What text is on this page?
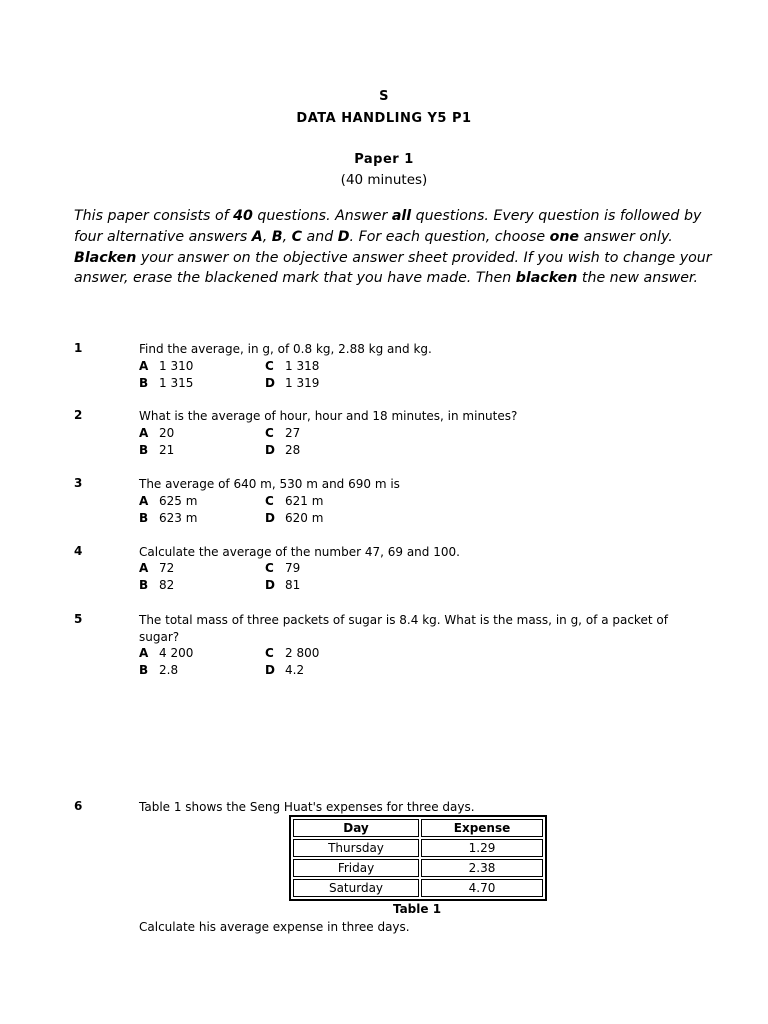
S
DATA HANDLING Y5 P1
Paper 1
(40 minutes)
This paper consists of 40 questions. Answer all questions. Every question is followed by four alternative answers A, B, C and D. For each question, choose one answer only. Blacken your answer on the objective answer sheet provided. If you wish to change your answer, erase the blackened mark that you have made. Then blacken the new answer.
1	Find the average, in g, of 0.8 kg, 2.88 kg and kg.
A 1 310	C 1 318
B 1 315	D 1 319
2	What is the average of hour, hour and 18 minutes, in minutes?
A 20	C 27
B 21	D 28
3	The average of 640 m, 530 m and 690 m is
A 625 m	C 621 m
B 623 m	D 620 m
4	Calculate the average of the number 47, 69 and 100.
A 72	C 79
B 82	D 81
5	The total mass of three packets of sugar is 8.4 kg. What is the mass, in g, of a packet of sugar?
A 4 200	C 2 800
B 2.8	D 4.2
6	Table 1 shows the Seng Huat's expenses for three days.
Day	Expense
Thursday	1.29
Friday	2.38
Saturday	4.70
Table 1
Calculate his average expense in three days.
